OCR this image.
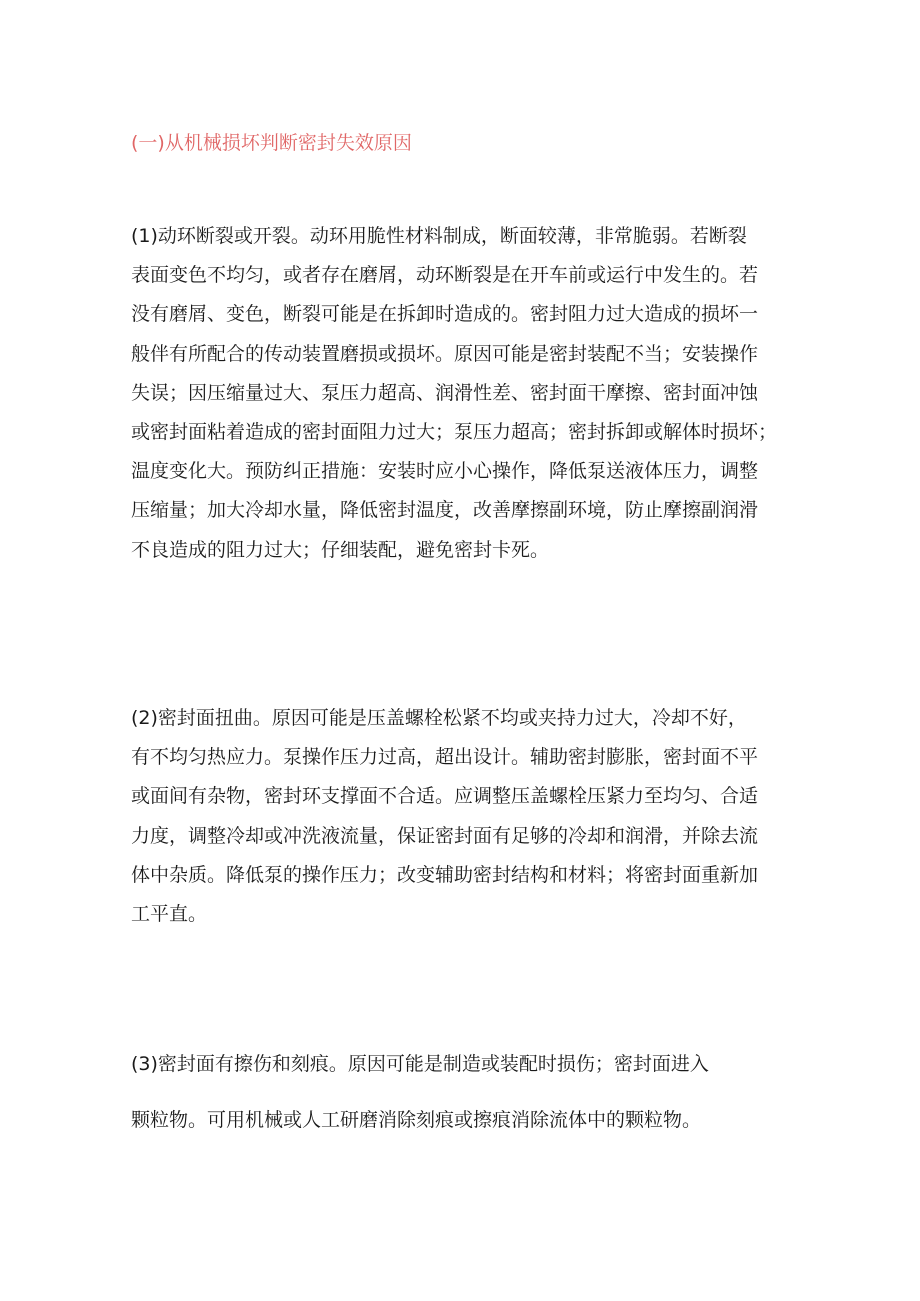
(一)从机械损坏判断密封失效原因
(1)动环断裂或开裂。动环用脆性材料制成，断面较薄，非常脆弱。若断裂
表面变色不均匀，或者存在磨屑，动环断裂是在开车前或运行中发生的。若
没有磨屑、变色，断裂可能是在拆卸时造成的。密封阻力过大造成的损坏一
般伴有所配合的传动装置磨损或损坏。原因可能是密封装配不当；安装操作
失误；因压缩量过大、泵压力超高、润滑性差、密封面干摩擦、密封面冲蚀
或密封面粘着造成的密封面阻力过大；泵压力超高；密封拆卸或解体时损坏；
温度变化大。预防纠正措施：安装时应小心操作，降低泵送液体压力，调整
压缩量；加大冷却水量，降低密封温度，改善摩擦副环境，防止摩擦副润滑
不良造成的阻力过大；仔细装配，避免密封卡死。
(2)密封面扭曲。原因可能是压盖螺栓松紧不均或夹持力过大，冷却不好，
有不均匀热应力。泵操作压力过高，超出设计。辅助密封膨胀，密封面不平
或面间有杂物，密封环支撑面不合适。应调整压盖螺栓压紧力至均匀、合适
力度，调整冷却或冲洗液流量，保证密封面有足够的冷却和润滑，并除去流
体中杂质。降低泵的操作压力；改变辅助密封结构和材料；将密封面重新加
工平直。
(3)密封面有擦伤和刻痕。原因可能是制造或装配时损伤；密封面进入
颗粒物。可用机械或人工研磨消除刻痕或擦痕消除流体中的颗粒物。
